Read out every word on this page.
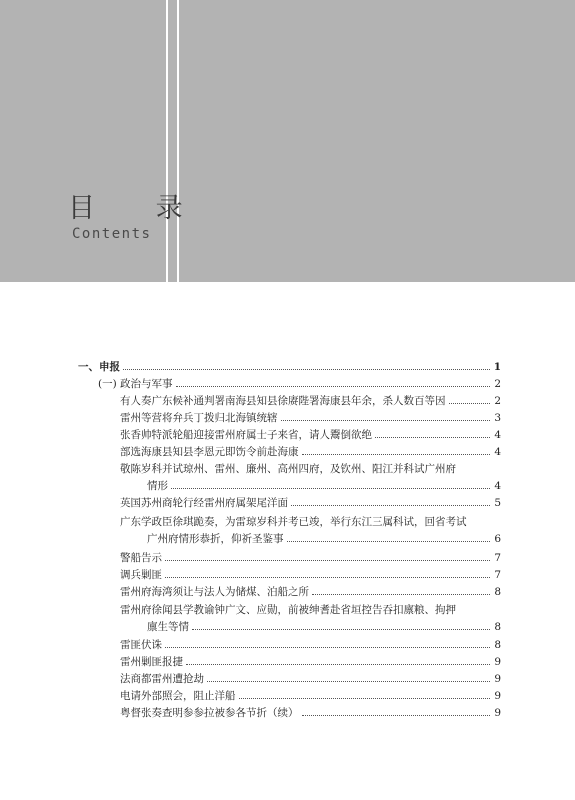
目 录
Contents
一、申报	1
(一) 政治与军事	2
有人奏广东候补通判署南海县知县徐赓陛署海康县年余，杀人数百等因	2
雷州等营将弁兵丁拨归北海镇统辖	3
张香帅特派轮船迎接雷州府属士子来省，请人鬻倒欲绝	4
部选海康县知县李恩元即饬令前赴海康	4
敬陈岁科并试琼州、雷州、廉州、高州四府，及钦州、阳江并科试广州府
情形	4
英国苏州商轮行经雷州府属架尾洋面	5
广东学政臣徐琪跪奏，为雷琼岁科并考已竣，举行东江三属科试，回省考试
广州府情形恭折，仰祈圣鉴事	6
警船告示	7
调兵剿匪	7
雷州府海湾须让与法人为储煤、泊船之所	8
雷州府徐闻县学教谕钟广文、应勋，前被绅耆赴省垣控告吞扣廪粮、拘押
廪生等情	8
雷匪伏诛	8
雷州剿匪报捷	9
法商都雷州遭抢劫	9
电请外部照会，阻止洋船	9
粤督张奏查明参参拉被参各节折（续）	9
